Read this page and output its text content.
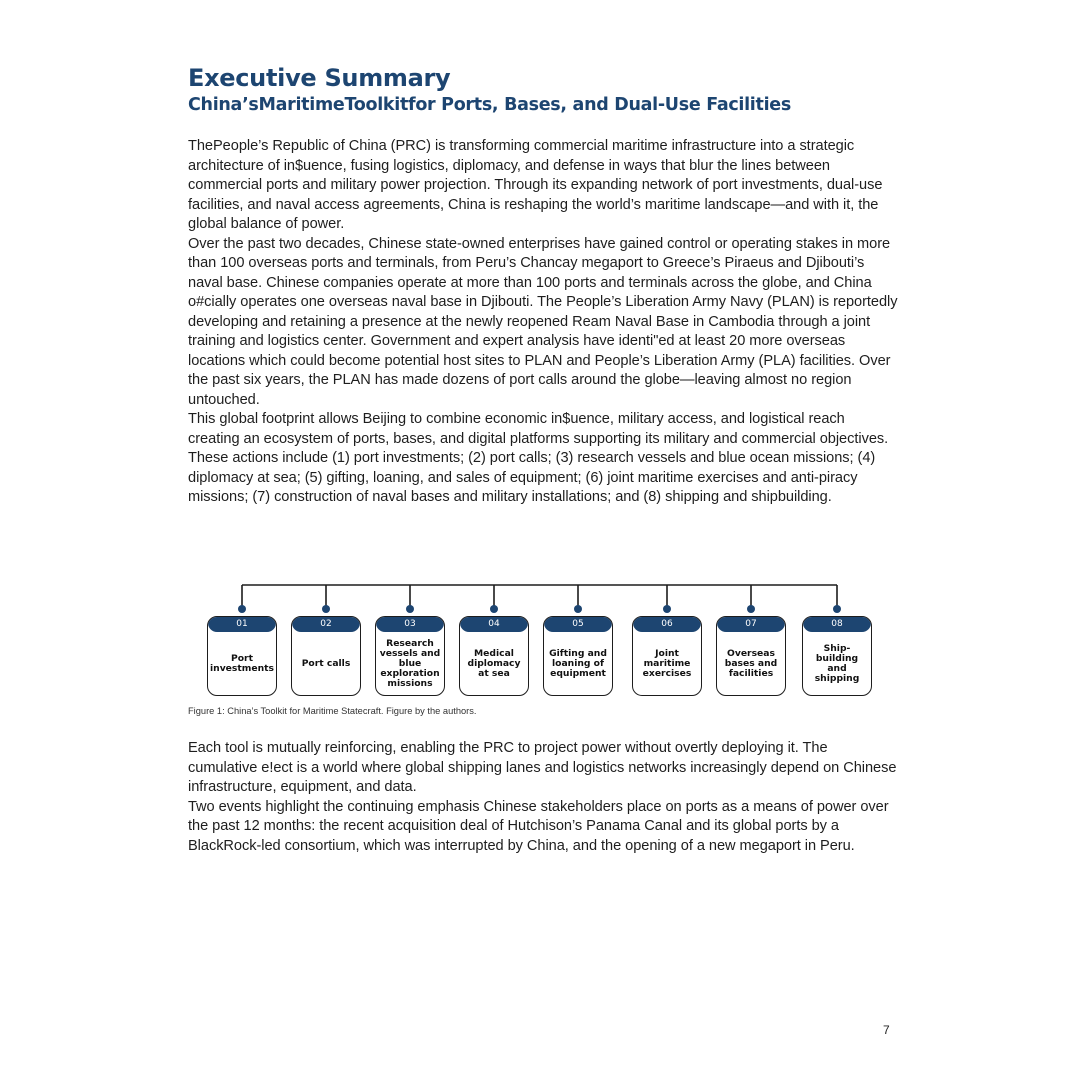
Executive Summary
China’sMaritimeToolkitfor Ports, Bases, and Dual-Use Facilities

ThePeople’s Republic of China (PRC) is transforming commercial maritime infrastructure into a strategic architecture of in$uence, fusing logistics, diplomacy, and defense in ways that blur the lines between commercial ports and military power projection. Through its expanding network of port investments, dual-use facilities, and naval access agreements, China is reshaping the world’s maritime landscape—and with it, the global balance of power.

Over the past two decades, Chinese state-owned enterprises have gained control or operating stakes in more than 100 overseas ports and terminals, from Peru’s Chancay megaport to Greece’s Piraeus and Djibouti’s naval base. Chinese companies operate at more than 100 ports and terminals across the globe, and China o#cially operates one overseas naval base in Djibouti. The People’s Liberation Army Navy (PLAN) is reportedly developing and retaining a presence at the newly reopened Ream Naval Base in Cambodia through a joint training and logistics center. Government and expert analysis have identi"ed at least 20 more overseas locations which could become potential host sites to PLAN and People’s Liberation Army (PLA) facilities. Over the past six years, the PLAN has made dozens of port calls around the globe—leaving almost no region untouched.

This global footprint allows Beijing to combine economic in$uence, military access, and logistical reach creating an ecosystem of ports, bases, and digital platforms supporting its military and commercial objectives. These actions include (1) port investments; (2) port calls; (3) research vessels and blue ocean missions; (4) diplomacy at sea; (5) gifting, loaning, and sales of equipment; (6) joint maritime exercises and anti-piracy missions; (7) construction of naval bases and military installations; and (8) shipping and shipbuilding.

01
Port
investments
02
Port calls
03
Research
vessels and
blue
exploration
missions
04
Medical
diplomacy
at sea
05
Gifting and
loaning of
equipment
06
Joint
maritime
exercises
07
Overseas
bases and
facilities
08
Ship-
building
and
shipping

Figure 1: China’s Toolkit for Maritime Statecraft. Figure by the authors.

Each tool is mutually reinforcing, enabling the PRC to project power without overtly deploying it. The cumulative e!ect is a world where global shipping lanes and logistics networks increasingly depend on Chinese infrastructure, equipment, and data.

Two events highlight the continuing emphasis Chinese stakeholders place on ports as a means of power over the past 12 months: the recent acquisition deal of Hutchison’s Panama Canal and its global ports by a BlackRock-led consortium, which was interrupted by China, and the opening of a new megaport in Peru.

7
